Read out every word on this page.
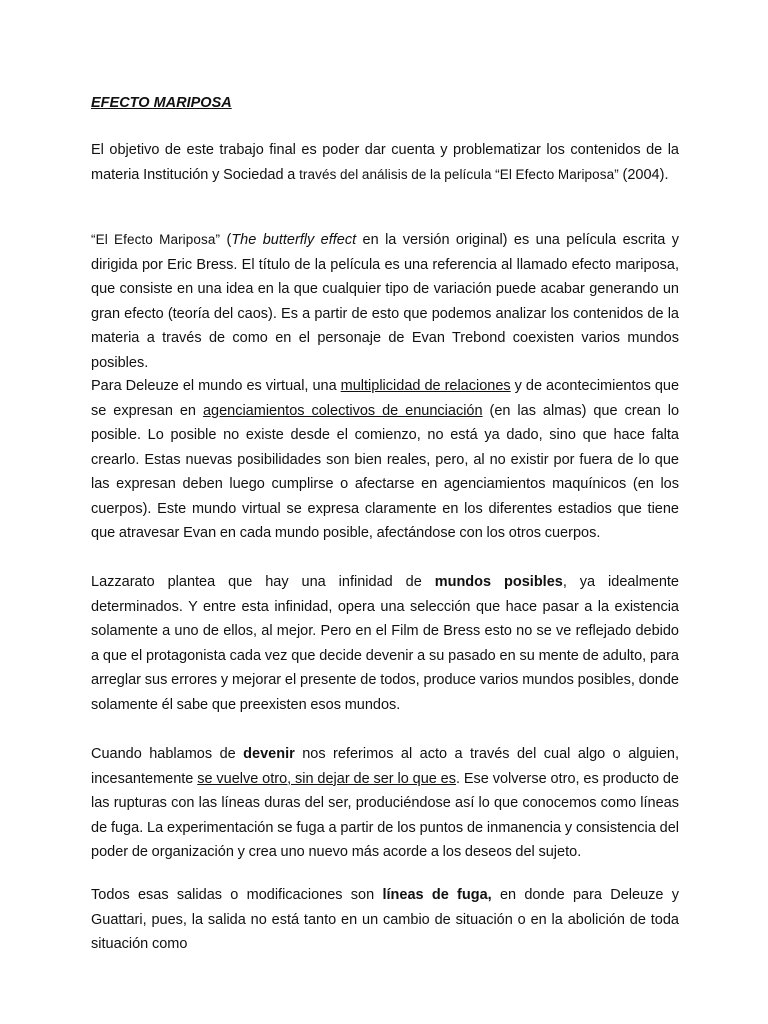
EFECTO MARIPOSA

El objetivo de este trabajo final es poder dar cuenta y problematizar los contenidos de la materia Institución y Sociedad a través del análisis de la película “El Efecto Mariposa” (2004).

“El Efecto Mariposa” (The butterfly effect en la versión original) es una película escrita y dirigida por Eric Bress. El título de la película es una referencia al llamado efecto mariposa, que consiste en una idea en la que cualquier tipo de variación puede acabar generando un gran efecto (teoría del caos). Es a partir de esto que podemos analizar los contenidos de la materia a través de como en el personaje de Evan Trebond coexisten varios mundos posibles.

Para Deleuze el mundo es virtual, una multiplicidad de relaciones y de acontecimientos que se expresan en agenciamientos colectivos de enunciación (en las almas) que crean lo posible. Lo posible no existe desde el comienzo, no está ya dado, sino que hace falta crearlo. Estas nuevas posibilidades son bien reales, pero, al no existir por fuera de lo que las expresan deben luego cumplirse o afectarse en agenciamientos maquínicos (en los cuerpos). Este mundo virtual se expresa claramente en los diferentes estadios que tiene que atravesar Evan en cada mundo posible, afectándose con los otros cuerpos.

Lazzarato plantea que hay una infinidad de mundos posibles, ya idealmente determinados. Y entre esta infinidad, opera una selección que hace pasar a la existencia solamente a uno de ellos, al mejor. Pero en el Film de Bress esto no se ve reflejado debido a que el protagonista cada vez que decide devenir a su pasado en su mente de adulto, para arreglar sus errores y mejorar el presente de todos, produce varios mundos posibles, donde solamente él sabe que preexisten esos mundos.

Cuando hablamos de devenir nos referimos al acto a través del cual algo o alguien, incesantemente se vuelve otro, sin dejar de ser lo que es. Ese volverse otro, es producto de las rupturas con las líneas duras del ser, produciéndose así lo que conocemos como líneas de fuga. La experimentación se fuga a partir de los puntos de inmanencia y consistencia del poder de organización y crea uno nuevo más acorde a los deseos del sujeto.

Todos esas salidas o modificaciones son líneas de fuga, en donde para Deleuze y Guattari, pues, la salida no está tanto en un cambio de situación o en la abolición de toda situación como
